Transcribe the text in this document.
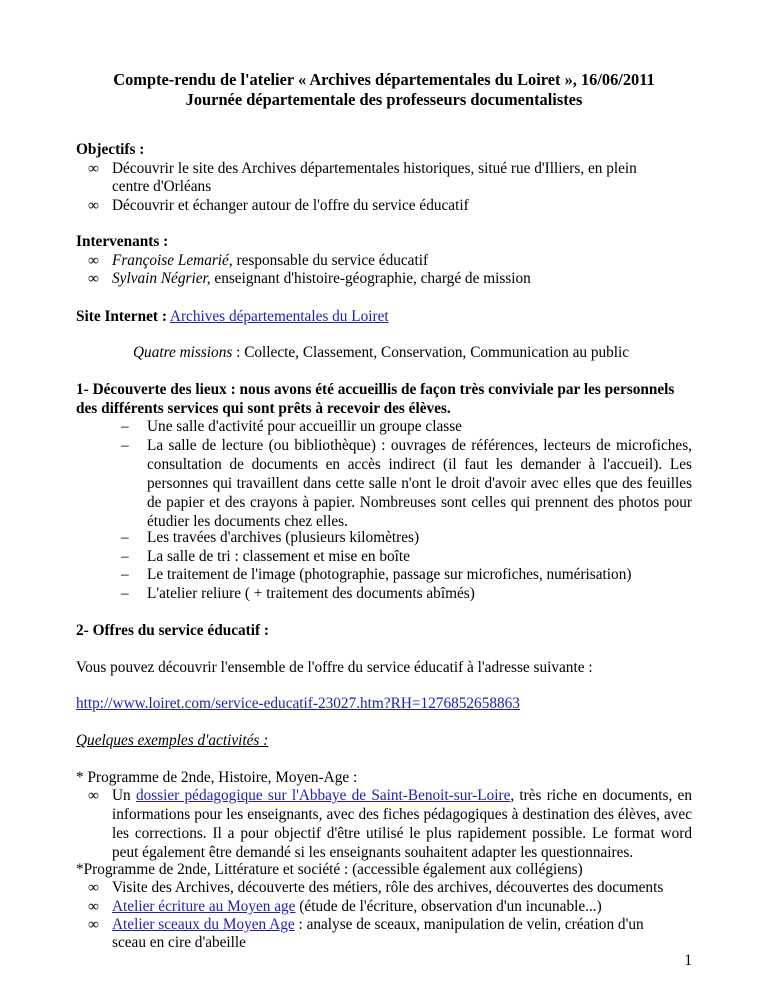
Compte-rendu de l'atelier « Archives départementales du Loiret », 16/06/2011
Journée départementale des professeurs documentalistes
Objectifs :
∞ Découvrir le site des Archives départementales historiques, situé rue d'Illiers, en plein
centre d'Orléans
∞ Découvrir et échanger autour de l'offre du service éducatif
Intervenants :
∞ Françoise Lemarié, responsable du service éducatif
∞ Sylvain Négrier, enseignant d'histoire-géographie, chargé de mission
Site Internet : Archives départementales du Loiret
Quatre missions : Collecte, Classement, Conservation, Communication au public
1- Découverte des lieux : nous avons été accueillis de façon très conviviale par les personnels
des différents services qui sont prêts à recevoir des élèves.
–	Une salle d'activité pour accueillir un groupe classe
–	La salle de lecture (ou bibliothèque) : ouvrages de références, lecteurs de microfiches, consultation de documents en accès indirect (il faut les demander à l'accueil). Les personnes qui travaillent dans cette salle n'ont le droit d'avoir avec elles que des feuilles de papier et des crayons à papier. Nombreuses sont celles qui prennent des photos pour étudier les documents chez elles.
–	Les travées d'archives (plusieurs kilomètres)
–	La salle de tri : classement et mise en boîte
–	Le traitement de l'image (photographie, passage sur microfiches, numérisation)
–	L'atelier reliure ( + traitement des documents abîmés)
2- Offres du service éducatif :
Vous pouvez découvrir l'ensemble de l'offre du service éducatif à l'adresse suivante :
http://www.loiret.com/service-educatif-23027.htm?RH=1276852658863
Quelques exemples d'activités :
* Programme de 2nde, Histoire, Moyen-Age :
∞ Un dossier pédagogique sur l'Abbaye de Saint-Benoit-sur-Loire, très riche en documents, en informations pour les enseignants, avec des fiches pédagogiques à destination des élèves, avec les corrections. Il a pour objectif d'être utilisé le plus rapidement possible. Le format word peut également être demandé si les enseignants souhaitent adapter les questionnaires.
*Programme de 2nde, Littérature et société : (accessible également aux collégiens)
∞ Visite des Archives, découverte des métiers, rôle des archives, découvertes des documents
∞ Atelier écriture au Moyen age (étude de l'écriture, observation d'un incunable...)
∞ Atelier sceaux du Moyen Age : analyse de sceaux, manipulation de velin, création d'un
sceau en cire d'abeille
1
